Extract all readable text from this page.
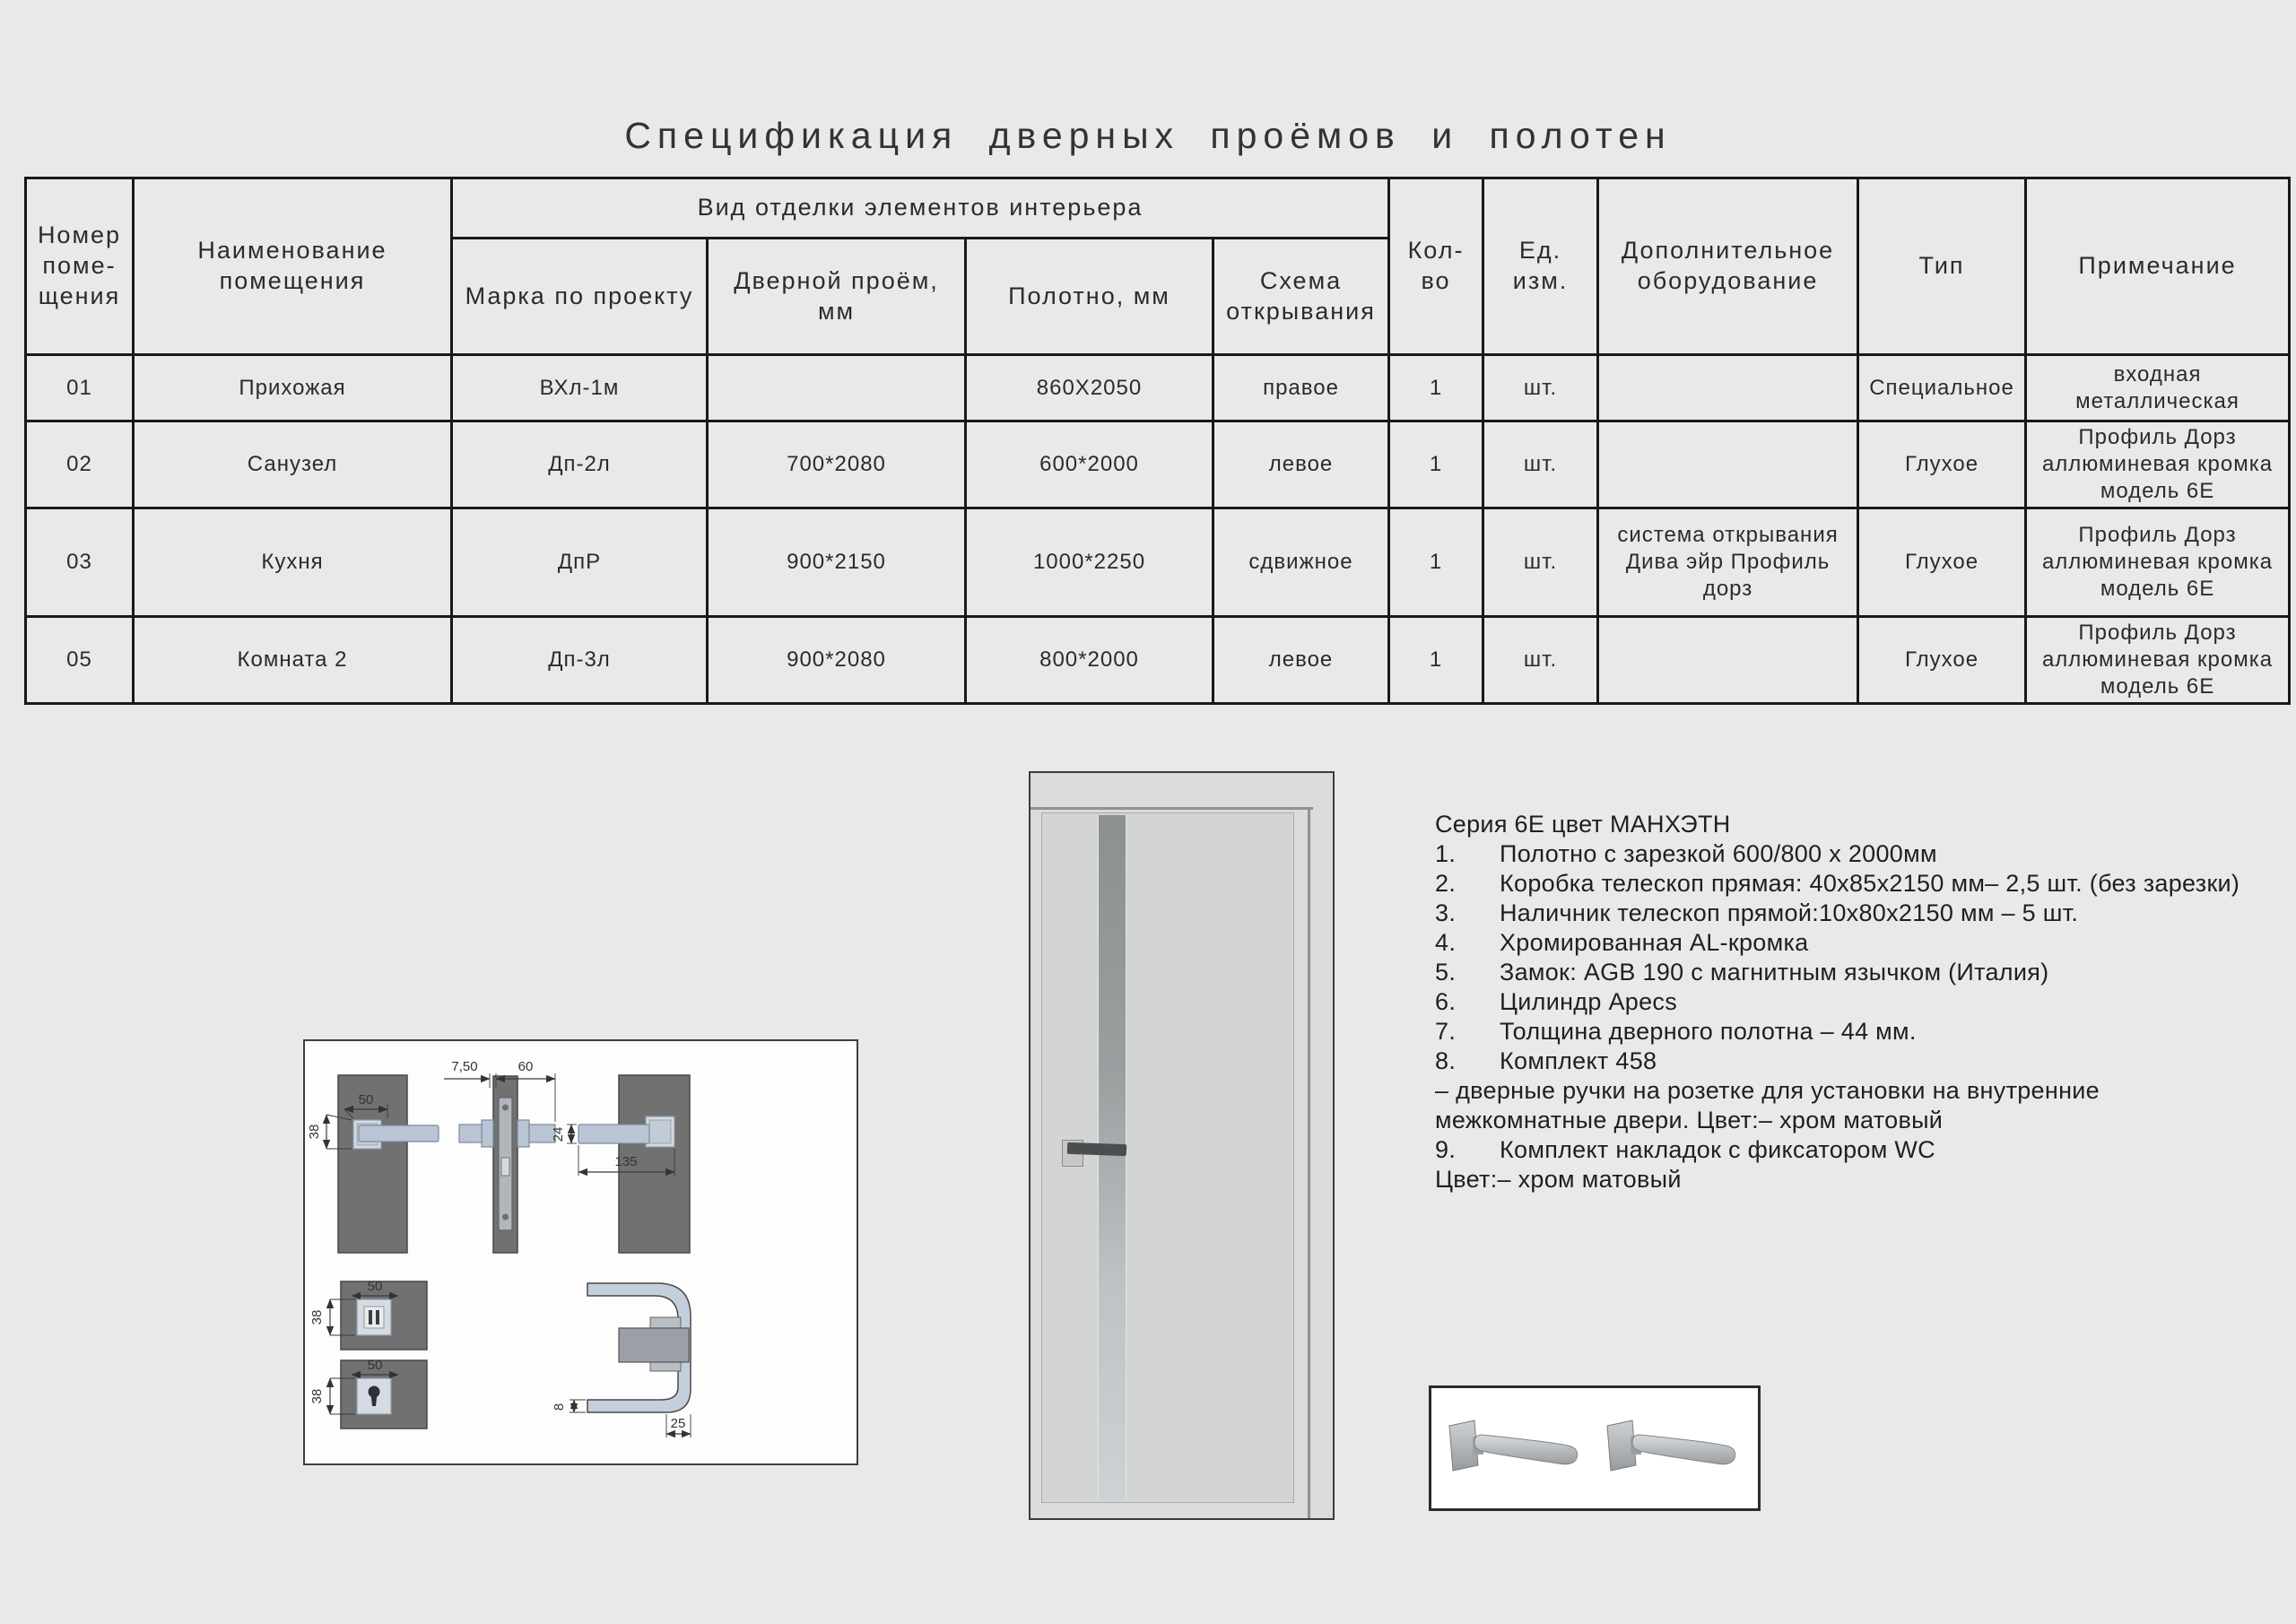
Спецификация дверных проёмов и полотен
Номер поме-щения	Наименование помещения	Вид отделки элементов интерьера				Кол-во	Ед. изм.	Дополнительное оборудование	Тип	Примечание
		Марка по проекту	Дверной проём, мм	Полотно, мм	Схема открывания					
01	Прихожая	ВХл-1м		860X2050	правое	1	шт.		Специальное	входная металлическая
02	Санузел	Дп-2л	700*2080	600*2000	левое	1	шт.		Глухое	Профиль Дорз аллюминевая кромка модель 6Е
03	Кухня	ДпР	900*2150	1000*2250	сдвижное	1	шт.	система открывания Дива эйр Профиль дорз	Глухое	Профиль Дорз аллюминевая кромка модель 6Е
05	Комната 2	Дп-3л	900*2080	800*2000	левое	1	шт.		Глухое	Профиль Дорз аллюминевая кромка модель 6Е
50
38
7,50	60
24
135
50
38
50
38
8
25
Серия 6Е цвет МАНХЭТН
1.	Полотно с зарезкой 600/800 х 2000мм
2.	Коробка телескоп прямая: 40х85х2150 мм– 2,5 шт. (без зарезки)
3.	Наличник телескоп прямой:10х80х2150 мм – 5 шт.
4.	Хромированная AL-кромка
5.	Замок: AGB 190 с магнитным язычком (Италия)
6.	Цилиндр Apecs
7.	Толщина дверного полотна – 44 мм.
8.	Комплект 458
– дверные ручки на розетке для установки на внутренние межкомнатные двери. Цвет:– хром матовый
9.	Комплект накладок с фиксатором WC
Цвет:– хром матовый
